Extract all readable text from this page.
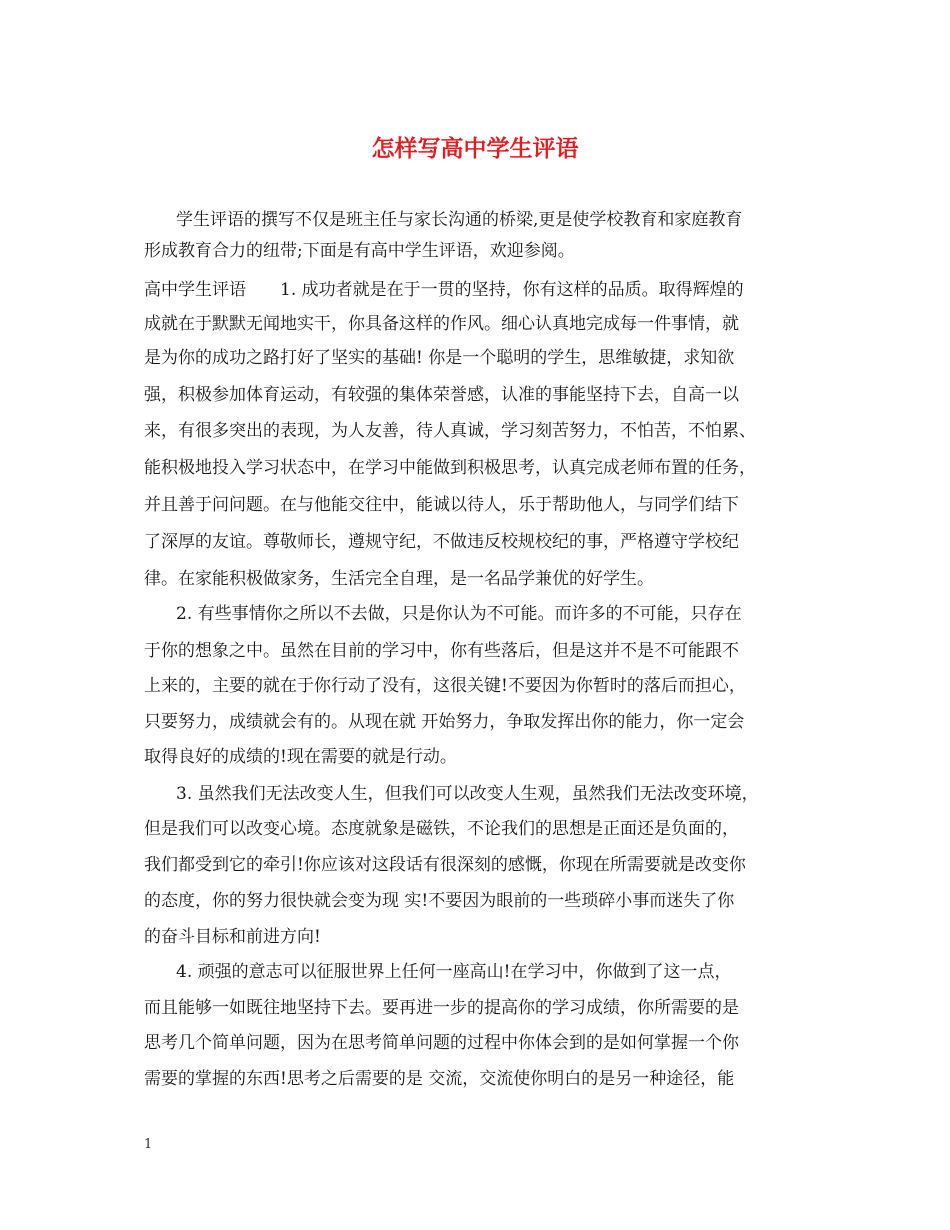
怎样写高中学生评语
学生评语的撰写不仅是班主任与家长沟通的桥梁,更是使学校教育和家庭教育
形成教育合力的纽带;下面是有高中学生评语，欢迎参阅。
高中学生评语　　1. 成功者就是在于一贯的坚持，你有这样的品质。取得辉煌的
成就在于默默无闻地实干，你具备这样的作风。细心认真地完成每一件事情，就
是为你的成功之路打好了坚实的基础! 你是一个聪明的学生，思维敏捷，求知欲
强，积极参加体育运动，有较强的集体荣誉感，认准的事能坚持下去，自高一以
来，有很多突出的表现，为人友善，待人真诚，学习刻苦努力，不怕苦，不怕累、
能积极地投入学习状态中，在学习中能做到积极思考，认真完成老师布置的任务，
并且善于问问题。在与他能交往中，能诚以待人，乐于帮助他人，与同学们结下
了深厚的友谊。尊敬师长，遵规守纪，不做违反校规校纪的事，严格遵守学校纪
律。在家能积极做家务，生活完全自理，是一名品学兼优的好学生。
2. 有些事情你之所以不去做，只是你认为不可能。而许多的不可能，只存在
于你的想象之中。虽然在目前的学习中，你有些落后，但是这并不是不可能跟不
上来的，主要的就在于你行动了没有，这很关键!不要因为你暂时的落后而担心，
只要努力，成绩就会有的。从现在就 开始努力，争取发挥出你的能力，你一定会
取得良好的成绩的!现在需要的就是行动。
3. 虽然我们无法改变人生，但我们可以改变人生观，虽然我们无法改变环境，
但是我们可以改变心境。态度就象是磁铁，不论我们的思想是正面还是负面的，
我们都受到它的牵引!你应该对这段话有很深刻的感慨，你现在所需要就是改变你
的态度，你的努力很快就会变为现 实!不要因为眼前的一些琐碎小事而迷失了你
的奋斗目标和前进方向!
4. 顽强的意志可以征服世界上任何一座高山!在学习中，你做到了这一点，
而且能够一如既往地坚持下去。要再进一步的提高你的学习成绩，你所需要的是
思考几个简单问题，因为在思考简单问题的过程中你体会到的是如何掌握一个你
需要的掌握的东西!思考之后需要的是 交流，交流使你明白的是另一种途径，能
1
